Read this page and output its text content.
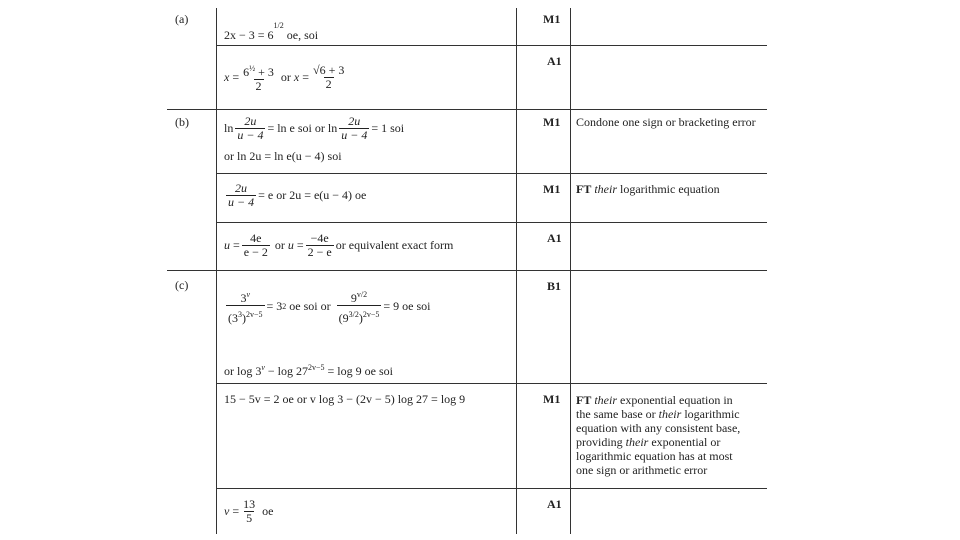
(a)
(b)
(c)
M1
A1
M1
M1
A1
B1
M1
A1
Condone one sign or bracketing error
FT their logarithmic equation
FT their exponential equation in
the same base or their logarithmic
equation with any consistent base,
providing their exponential or
logarithmic equation has at most
one sign or arithmetic error
$2x - 3 = 6^{1/2}$ oe, soi
$x = \frac{6^{\frac{1}{2}} + 3}{2}$
or
$x = \frac{√6 + 3}{2}$
$\ln \frac{2u}{u - 4} = \ln e$ soi or $\ln \frac{2u}{u - 4} = 1$ soi
or ln 2u = ln e(u − 4) soi
$\frac{2u}{u - 4} = e$ or 2u = e(u − 4) oe
$u = \frac{4e}{e - 2}$
or
$u = \frac{-4e}{2 - e}$ or equivalent exact form
$\frac{3^v}{(3^3)^{2v-5}} = 3$ 2
oe soi or $\frac{9^{v/2}}{(9^{3/2})^{2v-5}} = 9$ oe soi
or $\log 3^v - \log 27^{2v-5} = \log 9$ oe soi
15 − 5v = 2 oe or v log 3 − (2v − 5) log 27 = log 9
$v = \frac{13}{5}$
oe
